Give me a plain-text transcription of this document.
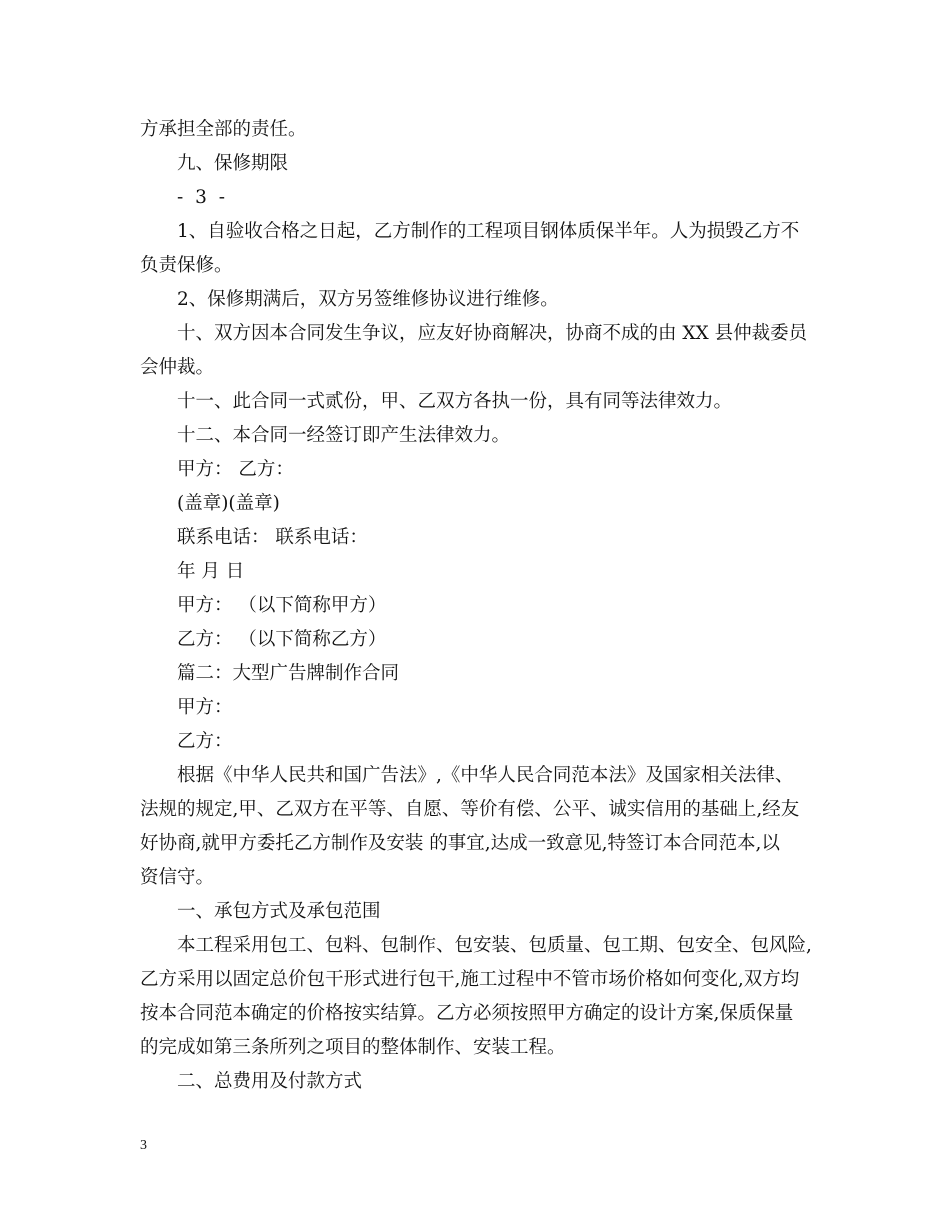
方承担全部的责任。

九、保修期限

- 3 -

1、自验收合格之日起，乙方制作的工程项目钢体质保半年。人为损毁乙方不

负责保修。

2、保修期满后，双方另签维修协议进行维修。

十、双方因本合同发生争议，应友好协商解决，协商不成的由 XX 县仲裁委员

会仲裁。

十一、此合同一式贰份，甲、乙双方各执一份，具有同等法律效力。

十二、本合同一经签订即产生法律效力。

甲方： 乙方：

(盖章)(盖章)

联系电话： 联系电话：

年 月 日

甲方： （以下简称甲方）

乙方： （以下简称乙方）

篇二：大型广告牌制作合同

甲方：

乙方：

根据《中华人民共和国广告法》,《中华人民合同范本法》及国家相关法律、

法规的规定,甲、乙双方在平等、自愿、等价有偿、公平、诚实信用的基础上,经友

好协商,就甲方委托乙方制作及安装 的事宜,达成一致意见,特签订本合同范本,以

资信守。

一、承包方式及承包范围

本工程采用包工、包料、包制作、包安装、包质量、包工期、包安全、包风险,

乙方采用以固定总价包干形式进行包干,施工过程中不管市场价格如何变化,双方均

按本合同范本确定的价格按实结算。乙方必须按照甲方确定的设计方案,保质保量

的完成如第三条所列之项目的整体制作、安装工程。

二、总费用及付款方式

3
